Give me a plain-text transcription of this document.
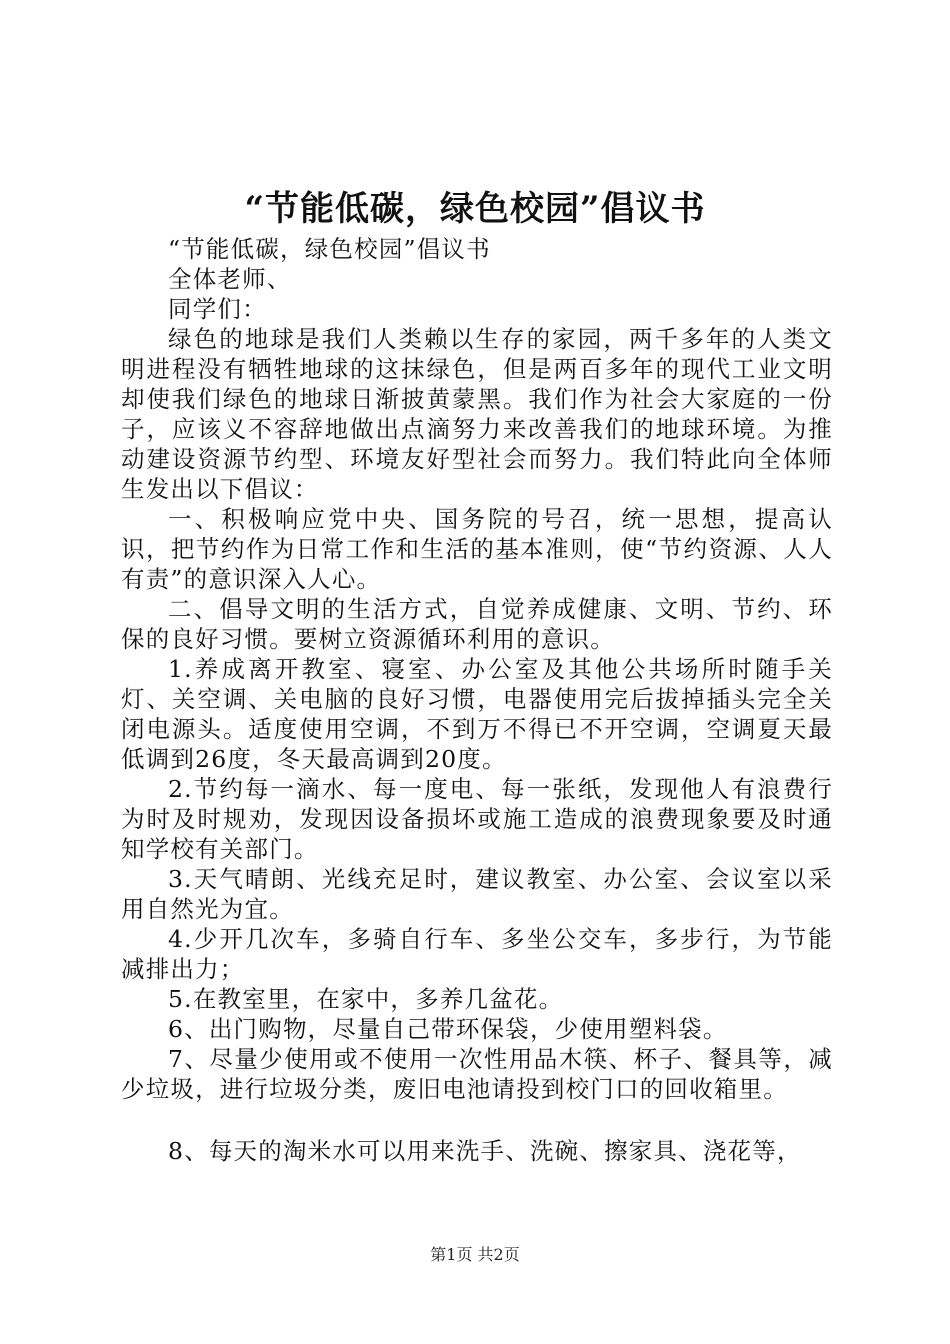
“节能低碳，绿色校园”倡议书

“节能低碳，绿色校园”倡议书

全体老师、

同学们：

绿色的地球是我们人类赖以生存的家园，两千多年的人类文明进程没有牺牲地球的这抹绿色，但是两百多年的现代工业文明却使我们绿色的地球日渐披黄蒙黑。我们作为社会大家庭的一份子，应该义不容辞地做出点滴努力来改善我们的地球环境。为推动建设资源节约型、环境友好型社会而努力。我们特此向全体师生发出以下倡议：

一、积极响应党中央、国务院的号召，统一思想，提高认识，把节约作为日常工作和生活的基本准则，使“节约资源、人人有责”的意识深入人心。

二、倡导文明的生活方式，自觉养成健康、文明、节约、环保的良好习惯。要树立资源循环利用的意识。

1.养成离开教室、寝室、办公室及其他公共场所时随手关灯、关空调、关电脑的良好习惯，电器使用完后拔掉插头完全关闭电源头。适度使用空调，不到万不得已不开空调，空调夏天最低调到26度，冬天最高调到20度。

2.节约每一滴水、每一度电、每一张纸，发现他人有浪费行为时及时规劝，发现因设备损坏或施工造成的浪费现象要及时通知学校有关部门。

3.天气晴朗、光线充足时，建议教室、办公室、会议室以采用自然光为宜。

4.少开几次车，多骑自行车、多坐公交车，多步行，为节能减排出力；

5.在教室里，在家中，多养几盆花。

6、出门购物，尽量自己带环保袋，少使用塑料袋。

7、尽量少使用或不使用一次性用品木筷、杯子、餐具等，减少垃圾，进行垃圾分类，废旧电池请投到校门口的回收箱里。

8、每天的淘米水可以用来洗手、洗碗、擦家具、浇花等，

第1页 共2页
